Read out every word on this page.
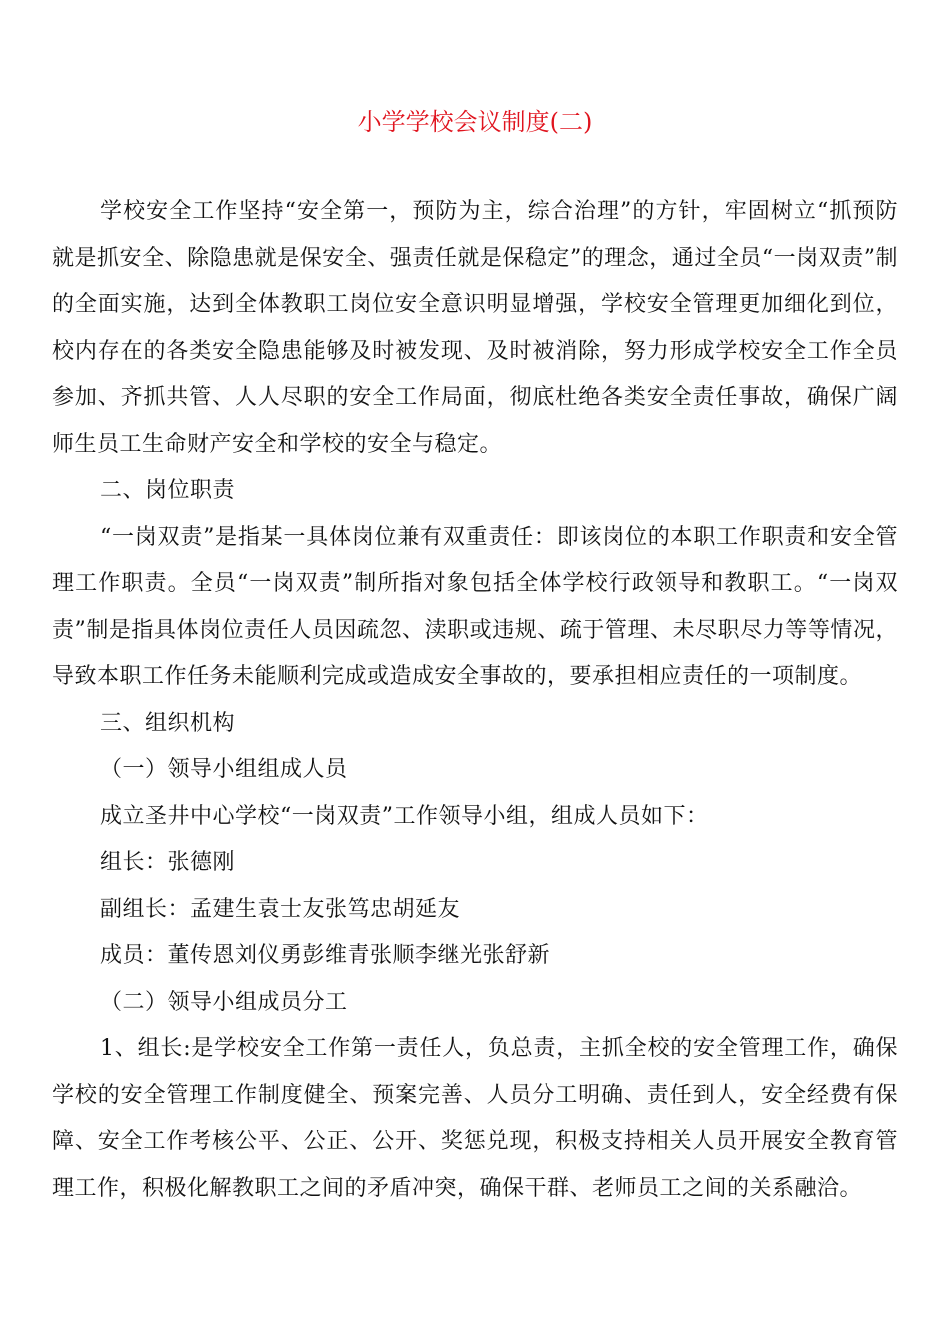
小学学校会议制度(二)

学校安全工作坚持“安全第一，预防为主，综合治理”的方针，牢固树立“抓预防就是抓安全、除隐患就是保安全、强责任就是保稳定”的理念，通过全员“一岗双责”制的全面实施，达到全体教职工岗位安全意识明显增强，学校安全管理更加细化到位，校内存在的各类安全隐患能够及时被发现、及时被消除，努力形成学校安全工作全员参加、齐抓共管、人人尽职的安全工作局面，彻底杜绝各类安全责任事故，确保广阔师生员工生命财产安全和学校的安全与稳定。

二、岗位职责

“一岗双责”是指某一具体岗位兼有双重责任：即该岗位的本职工作职责和安全管理工作职责。全员“一岗双责”制所指对象包括全体学校行政领导和教职工。“一岗双责”制是指具体岗位责任人员因疏忽、渎职或违规、疏于管理、未尽职尽力等等情况，导致本职工作任务未能顺利完成或造成安全事故的，要承担相应责任的一项制度。

三、组织机构

（一）领导小组组成人员

成立圣井中心学校“一岗双责”工作领导小组，组成人员如下：

组长：张德刚

副组长：孟建生袁士友张笃忠胡延友

成员：董传恩刘仪勇彭维青张顺李继光张舒新

（二）领导小组成员分工

1、组长:是学校安全工作第一责任人，负总责，主抓全校的安全管理工作，确保学校的安全管理工作制度健全、预案完善、人员分工明确、责任到人，安全经费有保障、安全工作考核公平、公正、公开、奖惩兑现，积极支持相关人员开展安全教育管理工作，积极化解教职工之间的矛盾冲突，确保干群、老师员工之间的关系融洽。
